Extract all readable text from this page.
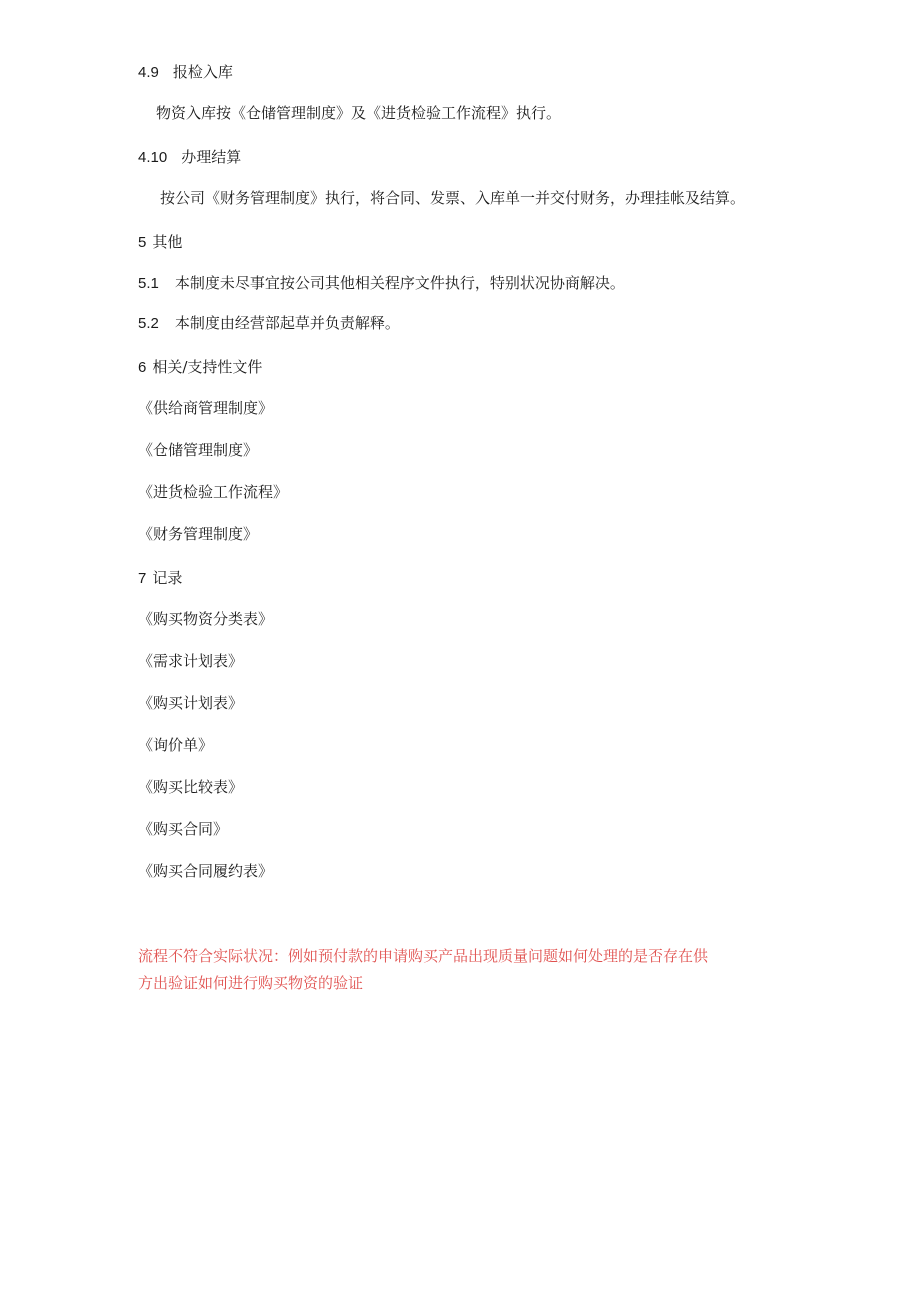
4.9 报检入库
物资入库按《仓储管理制度》及《进货检验工作流程》执行。
4.10 办理结算
按公司《财务管理制度》执行，将合同、发票、入库单一并交付财务，办理挂帐及结算。
5 其他
5.1 本制度未尽事宜按公司其他相关程序文件执行，特别状况协商解决。
5.2 本制度由经营部起草并负责解释。
6 相关/支持性文件
《供给商管理制度》
《仓储管理制度》
《进货检验工作流程》
《财务管理制度》
7 记录
《购买物资分类表》
《需求计划表》
《购买计划表》
《询价单》
《购买比较表》
《购买合同》
《购买合同履约表》
流程不符合实际状况：例如预付款的申请购买产品出现质量问题如何处理的是否存在供
方出验证如何进行购买物资的验证
